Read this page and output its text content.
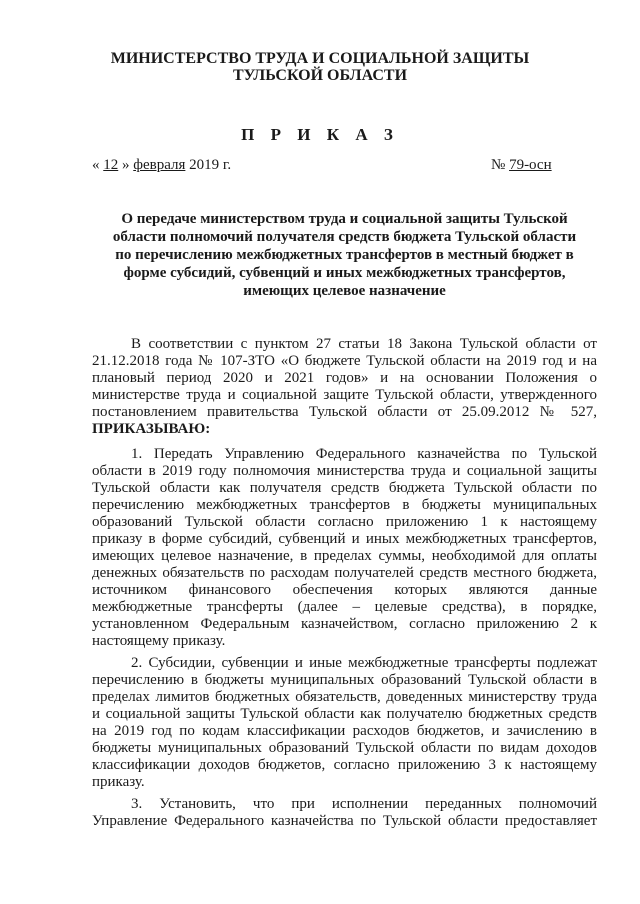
МИНИСТЕРСТВО ТРУДА И СОЦИАЛЬНОЙ ЗАЩИТЫ
ТУЛЬСКОЙ ОБЛАСТИ
П Р И К А З
« 12 » февраля 2019 г.	№ 79-осн
О передаче министерством труда и социальной защиты Тульской
области полномочий получателя средств бюджета Тульской области
по перечислению межбюджетных трансфертов в местный бюджет в
форме субсидий, субвенций и иных межбюджетных трансфертов,
имеющих целевое назначение
В соответствии с пунктом 27 статьи 18 Закона Тульской области от
21.12.2018 года № 107-ЗТО «О бюджете Тульской области на 2019 год и на
плановый период 2020 и 2021 годов» и на основании Положения о
министерстве труда и социальной защите Тульской области, утвержденного
постановлением правительства Тульской области от 25.09.2012 № 527,
ПРИКАЗЫВАЮ:
1. Передать Управлению Федерального казначейства по Тульской
области в 2019 году полномочия министерства труда и социальной защиты
Тульской области как получателя средств бюджета Тульской области по
перечислению межбюджетных трансфертов в бюджеты муниципальных
образований Тульской области согласно приложению 1 к настоящему
приказу в форме субсидий, субвенций и иных межбюджетных трансфертов,
имеющих целевое назначение, в пределах суммы, необходимой для оплаты
денежных обязательств по расходам получателей средств местного бюджета,
источником финансового обеспечения которых являются данные
межбюджетные трансферты (далее – целевые средства), в порядке,
установленном Федеральным казначейством, согласно приложению 2 к
настоящему приказу.
2. Субсидии, субвенции и иные межбюджетные трансферты подлежат
перечислению в бюджеты муниципальных образований Тульской области в
пределах лимитов бюджетных обязательств, доведенных министерству труда
и социальной защиты Тульской области как получателю бюджетных средств
на 2019 год по кодам классификации расходов бюджетов, и зачислению в
бюджеты муниципальных образований Тульской области по видам доходов
классификации доходов бюджетов, согласно приложению 3 к настоящему
приказу.
3. Установить, что при исполнении переданных полномочий
Управление Федерального казначейства по Тульской области предоставляет
